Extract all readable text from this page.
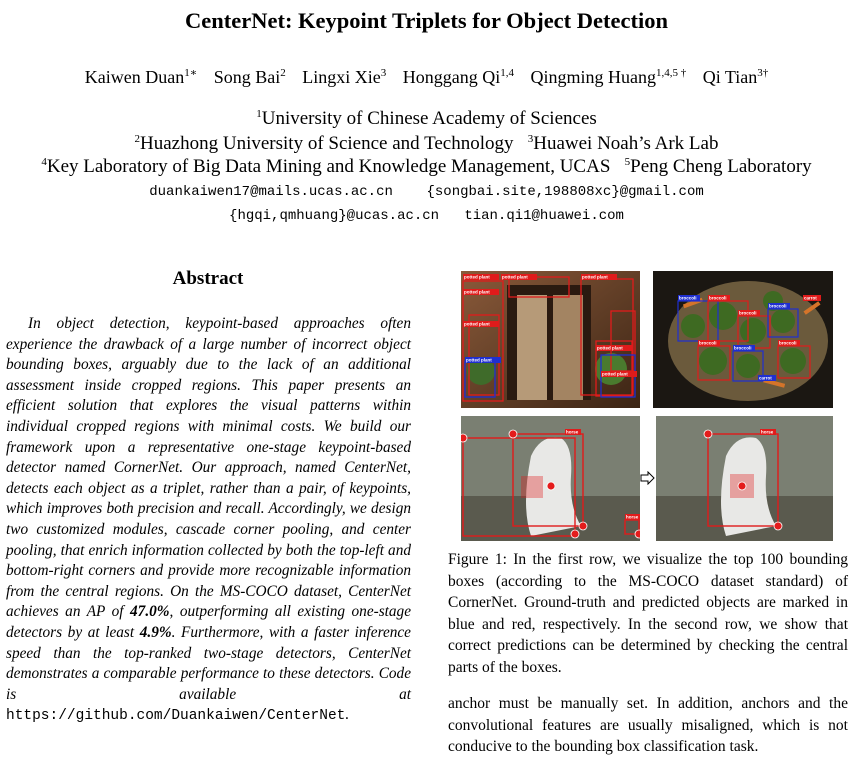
CenterNet: Keypoint Triplets for Object Detection
Kaiwen Duan$^{1∗}$ Song Bai$^2$ Lingxi Xie$^3$ Honggang Qi$^{1,4}$ Qingming Huang$^{1,4,5 \dagger}$ Qi Tian$^{3\dagger}$
$^1$University of Chinese Academy of Sciences
$^2$Huazhong University of Science and Technology $^3$Huawei Noah’s Ark Lab
$^4$Key Laboratory of Big Data Mining and Knowledge Management, UCAS $^5$Peng Cheng Laboratory
duankaiwen17@mails.ucas.ac.cn {songbai.site,198808xc}@gmail.com
{hgqi,qmhuang}@ucas.ac.cn tian.qi1@huawei.com
Abstract
In object detection, keypoint-based approaches often experience the drawback of a large number of incorrect object bounding boxes, arguably due to the lack of an additional assessment inside cropped regions. This paper presents an efficient solution that explores the visual patterns within individual cropped regions with minimal costs. We build our framework upon a representative one-stage keypoint-based detector named CornerNet. Our approach, named CenterNet, detects each object as a triplet, rather than a pair, of keypoints, which improves both precision and recall. Accordingly, we design two customized modules, cascade corner pooling, and center pooling, that enrich information collected by both the top-left and bottom-right corners and provide more recognizable information from the central regions. On the MS-COCO dataset, CenterNet achieves an AP of 47.0%, outperforming all existing one-stage detectors by at least 4.9%. Furthermore, with a faster inference speed than the top-ranked two-stage detectors, CenterNet demonstrates a comparable performance to these detectors. Code is available at https://github.com/Duankaiwen/CenterNet.
potted plant	potted plant	potted plant
potted plant
potted plant
potted plant
potted plant
potted plant
broccoli	broccoli
broccoli
broccoli
broccoli
broccoli
broccoli
carrot
carrot
horse
horse
horse
Figure 1: In the first row, we visualize the top 100 bounding boxes (according to the MS-COCO dataset standard) of CornerNet. Ground-truth and predicted objects are marked in blue and red, respectively. In the second row, we show that correct predictions can be determined by checking the central parts of the boxes.
anchor must be manually set. In addition, anchors and the convolutional features are usually misaligned, which is not conducive to the bounding box classification task.
